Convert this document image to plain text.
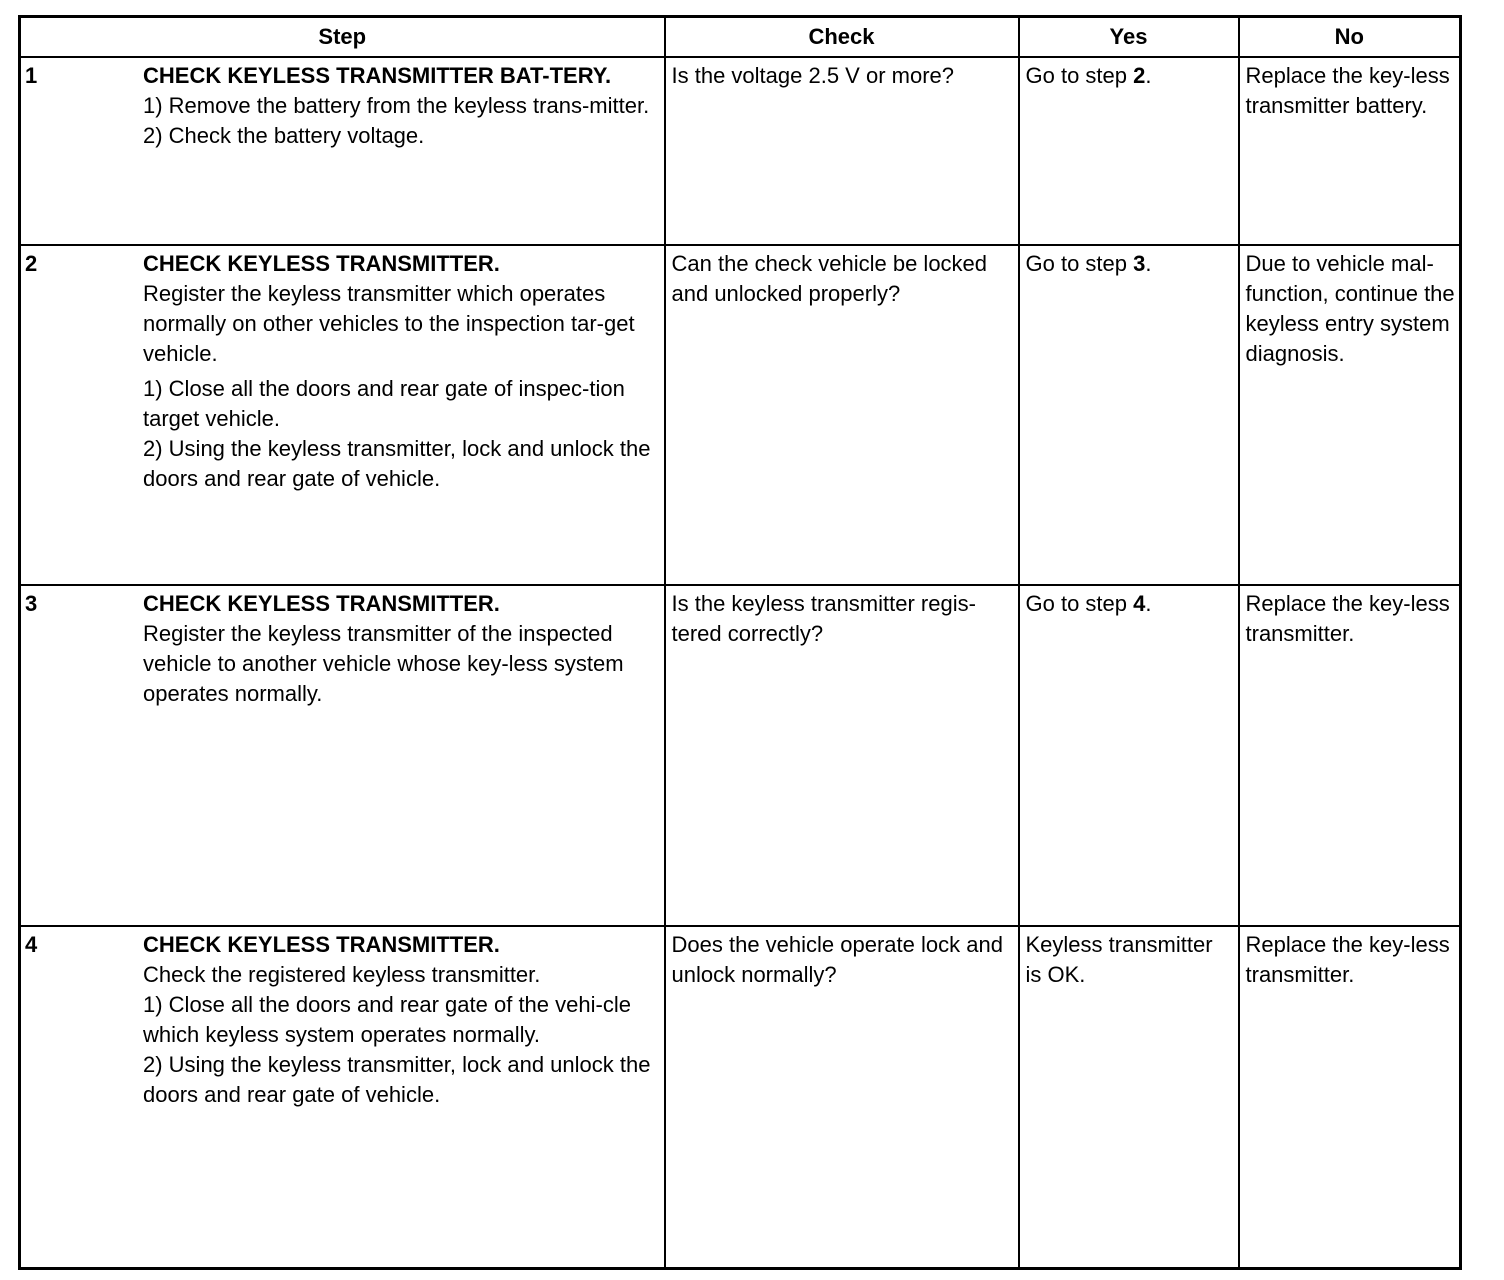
Step	Check	Yes	No

1 CHECK KEYLESS TRANSMITTER BAT-TERY.
1) Remove the battery from the keyless trans-mitter.
2) Check the battery voltage.	Is the voltage 2.5 V or more?	Go to step 2.	Replace the key-less transmitter battery.

2 CHECK KEYLESS TRANSMITTER.
Register the keyless transmitter which operates normally on other vehicles to the inspection tar-get vehicle.
1) Close all the doors and rear gate of inspec-tion target vehicle.
2) Using the keyless transmitter, lock and unlock the doors and rear gate of vehicle.	Can the check vehicle be locked and unlocked properly?	Go to step 3.	Due to vehicle mal-function, continue the keyless entry system diagnosis.

3 CHECK KEYLESS TRANSMITTER.
Register the keyless transmitter of the inspected vehicle to another vehicle whose key-less system operates normally.	Is the keyless transmitter regis-tered correctly?	Go to step 4.	Replace the key-less transmitter.

4 CHECK KEYLESS TRANSMITTER.
Check the registered keyless transmitter.
1) Close all the doors and rear gate of the vehi-cle which keyless system operates normally.
2) Using the keyless transmitter, lock and unlock the doors and rear gate of vehicle.	Does the vehicle operate lock and unlock normally?	Keyless transmitter is OK.	Replace the key-less transmitter.
